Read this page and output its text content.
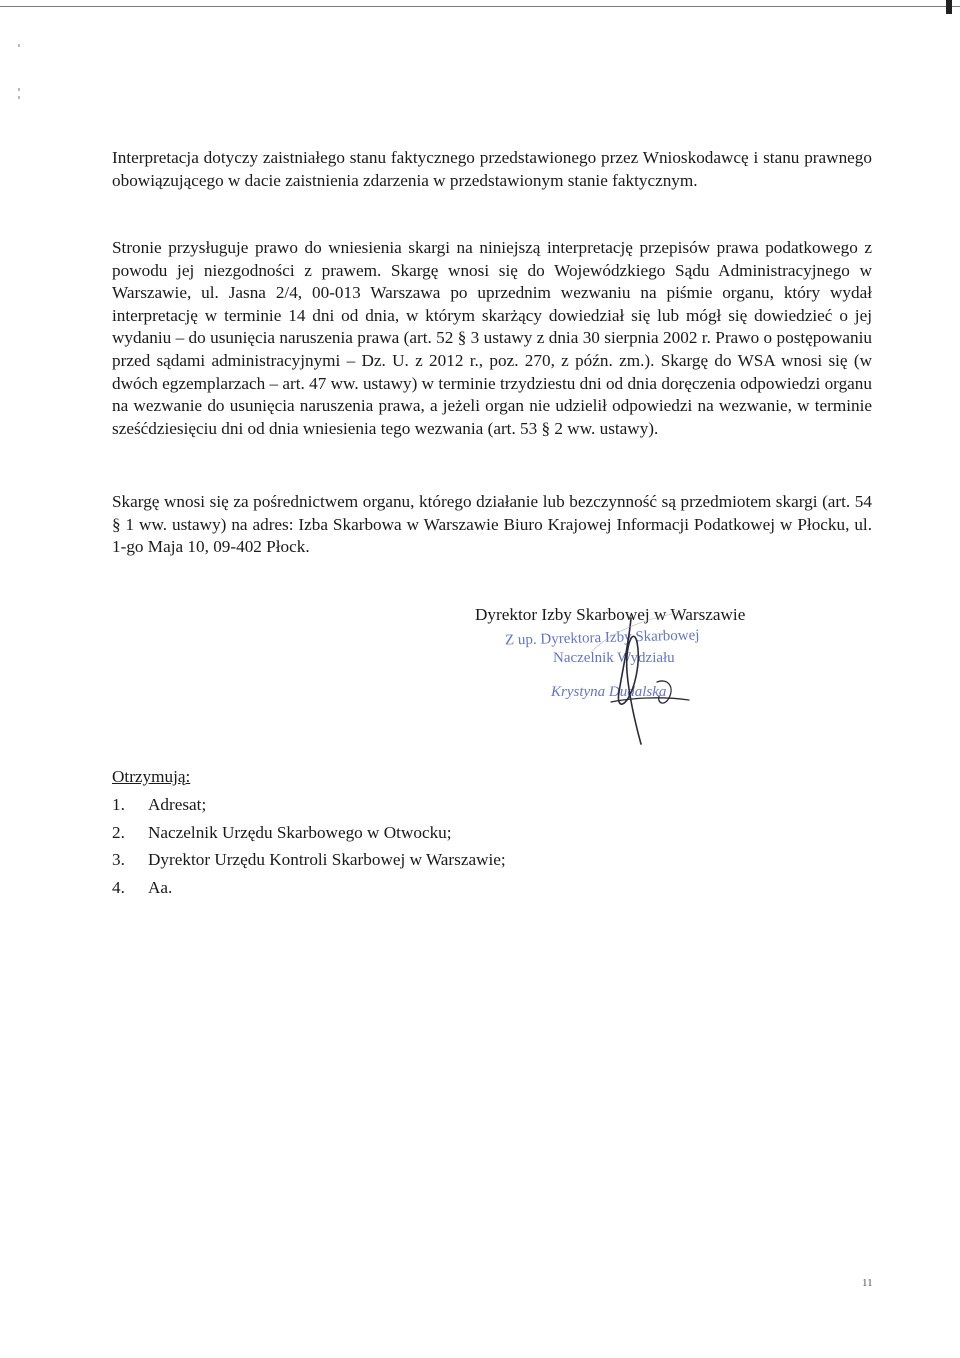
Interpretacja dotyczy zaistniałego stanu faktycznego przedstawionego przez Wnioskodawcę i stanu prawnego obowiązującego w dacie zaistnienia zdarzenia w przedstawionym stanie faktycznym.

Stronie przysługuje prawo do wniesienia skargi na niniejszą interpretację przepisów prawa podatkowego z powodu jej niezgodności z prawem. Skargę wnosi się do Wojewódzkiego Sądu Administracyjnego w Warszawie, ul. Jasna 2/4, 00-013 Warszawa po uprzednim wezwaniu na piśmie organu, który wydał interpretację w terminie 14 dni od dnia, w którym skarżący dowiedział się lub mógł się dowiedzieć o jej wydaniu – do usunięcia naruszenia prawa (art. 52 § 3 ustawy z dnia 30 sierpnia 2002 r. Prawo o postępowaniu przed sądami administracyjnymi – Dz. U. z 2012 r., poz. 270, z późn. zm.). Skargę do WSA wnosi się (w dwóch egzemplarzach – art. 47 ww. ustawy) w terminie trzydziestu dni od dnia doręczenia odpowiedzi organu na wezwanie do usunięcia naruszenia prawa, a jeżeli organ nie udzielił odpowiedzi na wezwanie, w terminie sześćdziesięciu dni od dnia wniesienia tego wezwania (art. 53 § 2 ww. ustawy).

Skargę wnosi się za pośrednictwem organu, którego działanie lub bezczynność są przedmiotem skargi (art. 54 § 1 ww. ustawy) na adres: Izba Skarbowa w Warszawie Biuro Krajowej Informacji Podatkowej w Płocku, ul. 1-go Maja 10, 09-402 Płock.

Dyrektor Izby Skarbowej w Warszawie
Z up. Dyrektora Izby Skarbowej
Naczelnik Wydziału
Krystyna Dudalska
Otrzymują:
1. Adresat;
2. Naczelnik Urzędu Skarbowego w Otwocku;
3. Dyrektor Urzędu Kontroli Skarbowej w Warszawie;
4. Aa.
11
